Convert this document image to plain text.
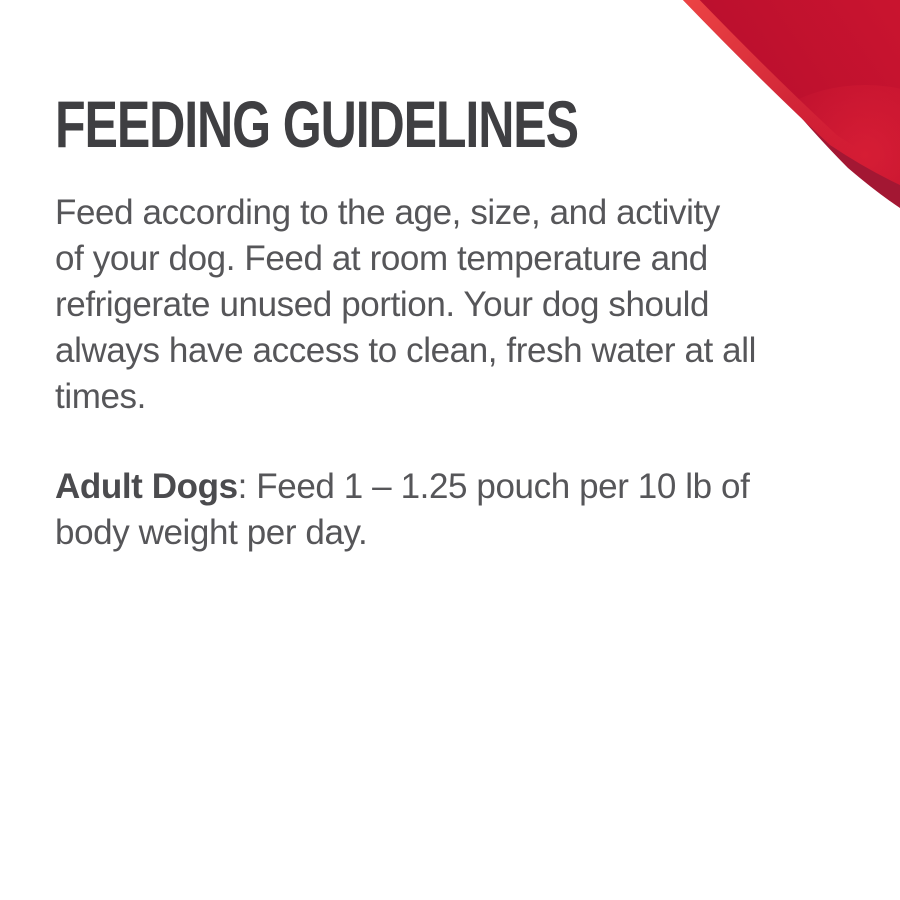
FEEDING GUIDELINES
Feed according to the age, size, and activity
of your dog. Feed at room temperature and
refrigerate unused portion. Your dog should
always have access to clean, fresh water at all
times.
Adult Dogs: Feed 1 – 1.25 pouch per 10 lb of
body weight per day.
